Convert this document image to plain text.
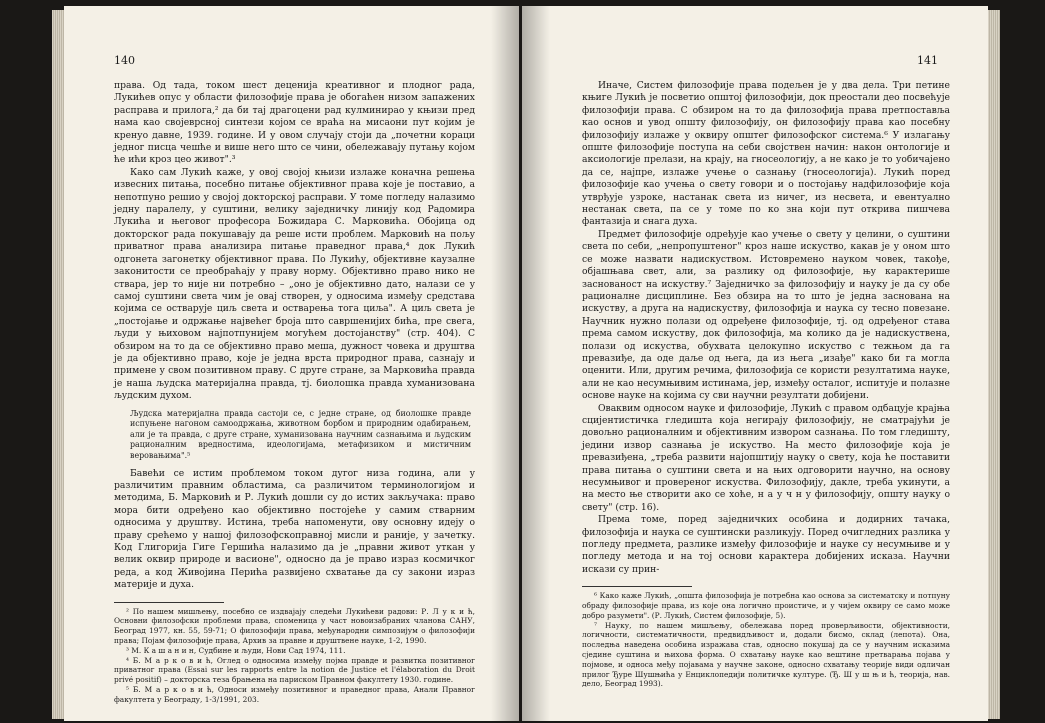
140

права. Од тада, током шест деценија креативног и плодног рада, Лукићев опус у области филозофије права је обогаћен низом запажених расправа и прилога,² да би тај драгоцени рад кулминирао у књизи пред нама као својеврсној синтези којом се враћа на мисаони пут којим је кренуо давне, 1939. године. И у овом случају стоји да „почетни кораци једног писца чешће и више него што се чини, обележавају путању којом ће ићи кроз цео живот".³

Како сам Лукић каже, у овој својој књизи излаже коначна решења извесних питања, посебно питање објективног права које је поставио, а непотпуно решио у својој докторској расправи. У томе погледу налазимо једну паралелу, у суштини, велику заједничку линију код Радомира Лукића и његовог професора Божидара С. Марковића. Обојица од докторског рада покушавају да реше исти проблем. Марковић на пољу приватног права анализира питање праведног права,⁴ док Лукић одгонета загонетку објективног права. По Лукићу, објективне каузалне законитости се преобраћају у праву норму. Објективно право нико не ствара, јер то није ни потребно – „оно је објективно дато, налази се у самој суштини света чим је овај створен, у односима између средстава којима се остварује циљ света и остварења тога циља". А циљ света је „постојање и одржање највећег броја што савршенијих бића, пре свега, људи у њиховом најпотпунијем могућем достојанству" (стр. 404). С обзиром на то да се објективно право меша, дужност човека и друштва је да објективно право, које је једна врста природног права, сазнају и примене у свом позитивном праву. С друге стране, за Марковића правда је наша људска материјална правда, тј. биолошка правда хуманизована људским духом.

Људска материјална правда састоји се, с једне стране, од биолошке правде испуњене нагоном самоодржања, животном борбом и природним одабирањем, али је та правда, с друге стране, хуманизована научним сазнањима и људским рационалним вредностима, идеологијама, метафизиком и мистичним веровањима".⁵

Бавећи се истим проблемом током дугог низа година, али у различитим правним областима, са различитом терминологијом и методима, Б. Марковић и Р. Лукић дошли су до истих закључака: право мора бити одређено као објективно постојеће у самим стварним односима у друштву. Истина, треба напоменути, ову основну идеју о праву срећемо у нашој филозофскоправној мисли и раније, у зачетку. Код Глигорија Гиге Гершића налазимо да је „правни живот уткан у велик оквир природе и васионе", односно да је право израз космичког реда, а код Живојина Перића развијено схватање да су закони израз материје и духа.

² По нашем мишљењу, посебно се издвајају следећи Лукићеви радови: Р. Л у к и ћ, Основни филозофски проблеми права, споменица у част новоизабраних чланова САНУ, Београд 1977, кн. 55, 59-71; О филозофији права, међународни симпозијум о филозофији права; Појам филозофије права, Архив за правне и друштвене науке, 1-2, 1990.

³ М. К а ш а н и н, Судбине и људи, Нови Сад 1974, 111.

⁴ Б. М а р к о в и ћ, Оглед о односима између појма правде и развитка позитивног приватног права (Essai sur les rapports entre la notion de Justice et l'élaboration du Droit privé positif) – докторска теза брањена на париском Правном факултету 1930. године.

⁵ Б. М а р к о в и ћ, Односи између позитивног и праведног права, Анали Правног факултета у Београду, 1-3/1991, 203.

141

Иначе, Систем филозофије права подељен је у два дела. Три петине књиге Лукић је посветио општој филозофији, док преостали део посвећује филозофији права. С обзиром на то да филозофија права претпоставља као основ и увод општу филозофију, он филозофију права као посебну филозофију излаже у оквиру општег филозофског система.⁶ У излагању опште филозофије поступа на себи својствен начин: након онтологије и аксиологије прелази, на крају, на гносеологију, а не како је то уобичајено да се, најпре, излаже учење о сазнању (гносеологија). Лукић поред филозофије као учења о свету говори и о постојању надфилозофије која утврђује узроке, настанак света из ничег, из несвета, и евентуално нестанак света, па се у томе по ко зна који пут открива пишчева фантазија и снага духа.

Предмет филозофије одређује као учење о свету у целини, о суштини света по себи, „непропуштеног" кроз наше искуство, какав је у оном што се може назвати надискуством. Истовремено науком човек, такође, објашњава свет, али, за разлику од филозофије, њу карактерише заснованост на искуству.⁷ Заједничко за филозофију и науку је да су обе рационалне дисциплине. Без обзира на то што је једна заснована на искуству, а друга на надискуству, филозофија и наука су тесно повезане. Научник нужно полази од одређене филозофије, тј. од одређеног става према самом искуству, док филозофија, ма колико да је надискуствена, полази од искуства, обухвата целокупно искуство с тежњом да га превазиђе, да оде даље од њега, да из њега „изађе" како би га могла оценити. Или, другим речима, филозофија се користи резултатима науке, али не као несумњивим истинама, јер, између осталог, испитује и полазне основе науке на којима су сви научни резултати добијени.

Оваквим односом науке и филозофије, Лукић с правом одбацује крајња сцијентистичка гледишта која негирају филозофију, не сматрајући је довољно рационалним и објективним извором сазнања. По том гледишту, једини извор сазнања је искуство. На место филозофије која је превазиђена, „треба развити најопштију науку о свету, која ће поставити права питања о суштини света и на њих одговорити научно, на основу несумњивог и провереног искуства. Филозофију, дакле, треба укинути, а на место ње створити ако се хоће, н а у ч н у филозофију, општу науку о свету" (стр. 16).

Према томе, поред заједничких особина и додирних тачака, филозофија и наука се суштински разликују. Поред очигледних разлика у погледу предмета, разлике између филозофије и науке су несумњиве и у погледу метода и на тој основи карактера добијених исказа. Научни искази су прин-

⁶ Како каже Лукић, „општа филозофија је потребна као основа за систематску и потпуну обраду филозофије права, из које она логично проистиче, и у чијем оквиру се само може добро разумети". (Р. Лукић, Систем филозофије, 5).

⁷ Науку, по нашем мишљењу, обележава поред проверљивости, објективности, логичности, систематичности, предвидљивост и, додали бисмо, склад (лепота). Она, последња наведена особина изражава став, односно покушај да се у научним исказима сједине суштина и њихова форма. О схватању науке као вештине претварања појава у појмове, и односа међу појавама у научне законе, односно схватању теорије види одличан прилог Ђуре Шушњића у Енциклопедији политичке културе. (Ђ. Ш у ш њ и ћ, теорија, нав. дело, Београд 1993).
